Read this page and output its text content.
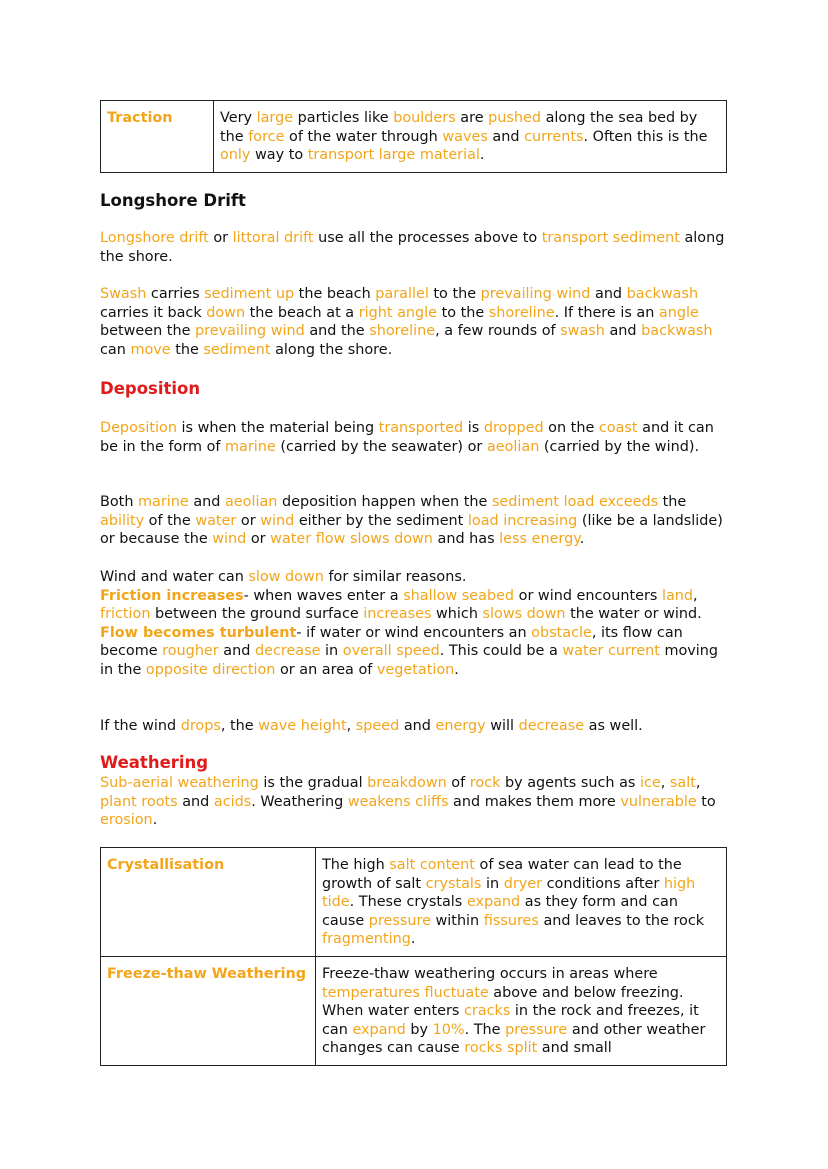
Traction	Very large particles like boulders are pushed along the sea bed by the force of the water through waves and currents. Often this is the only way to transport large material.
Longshore Drift
Longshore drift or littoral drift use all the processes above to transport sediment along the shore.
Swash carries sediment up the beach parallel to the prevailing wind and backwash carries it back down the beach at a right angle to the shoreline. If there is an angle between the prevailing wind and the shoreline, a few rounds of swash and backwash can move the sediment along the shore.
Deposition
Deposition is when the material being transported is dropped on the coast and it can be in the form of marine (carried by the seawater) or aeolian (carried by the wind).
Both marine and aeolian deposition happen when the sediment load exceeds the ability of the water or wind either by the sediment load increasing (like be a landslide) or because the wind or water flow slows down and has less energy.
Wind and water can slow down for similar reasons.
Friction increases- when waves enter a shallow seabed or wind encounters land, friction between the ground surface increases which slows down the water or wind.
Flow becomes turbulent- if water or wind encounters an obstacle, its flow can become rougher and decrease in overall speed. This could be a water current moving in the opposite direction or an area of vegetation.
If the wind drops, the wave height, speed and energy will decrease as well.
Weathering
Sub-aerial weathering is the gradual breakdown of rock by agents such as ice, salt, plant roots and acids. Weathering weakens cliffs and makes them more vulnerable to erosion.
Crystallisation	The high salt content of sea water can lead to the growth of salt crystals in dryer conditions after high tide. These crystals expand as they form and can cause pressure within fissures and leaves to the rock fragmenting.
Freeze-thaw Weathering	Freeze-thaw weathering occurs in areas where temperatures fluctuate above and below freezing. When water enters cracks in the rock and freezes, it can expand by 10%. The pressure and other weather changes can cause rocks split and small
